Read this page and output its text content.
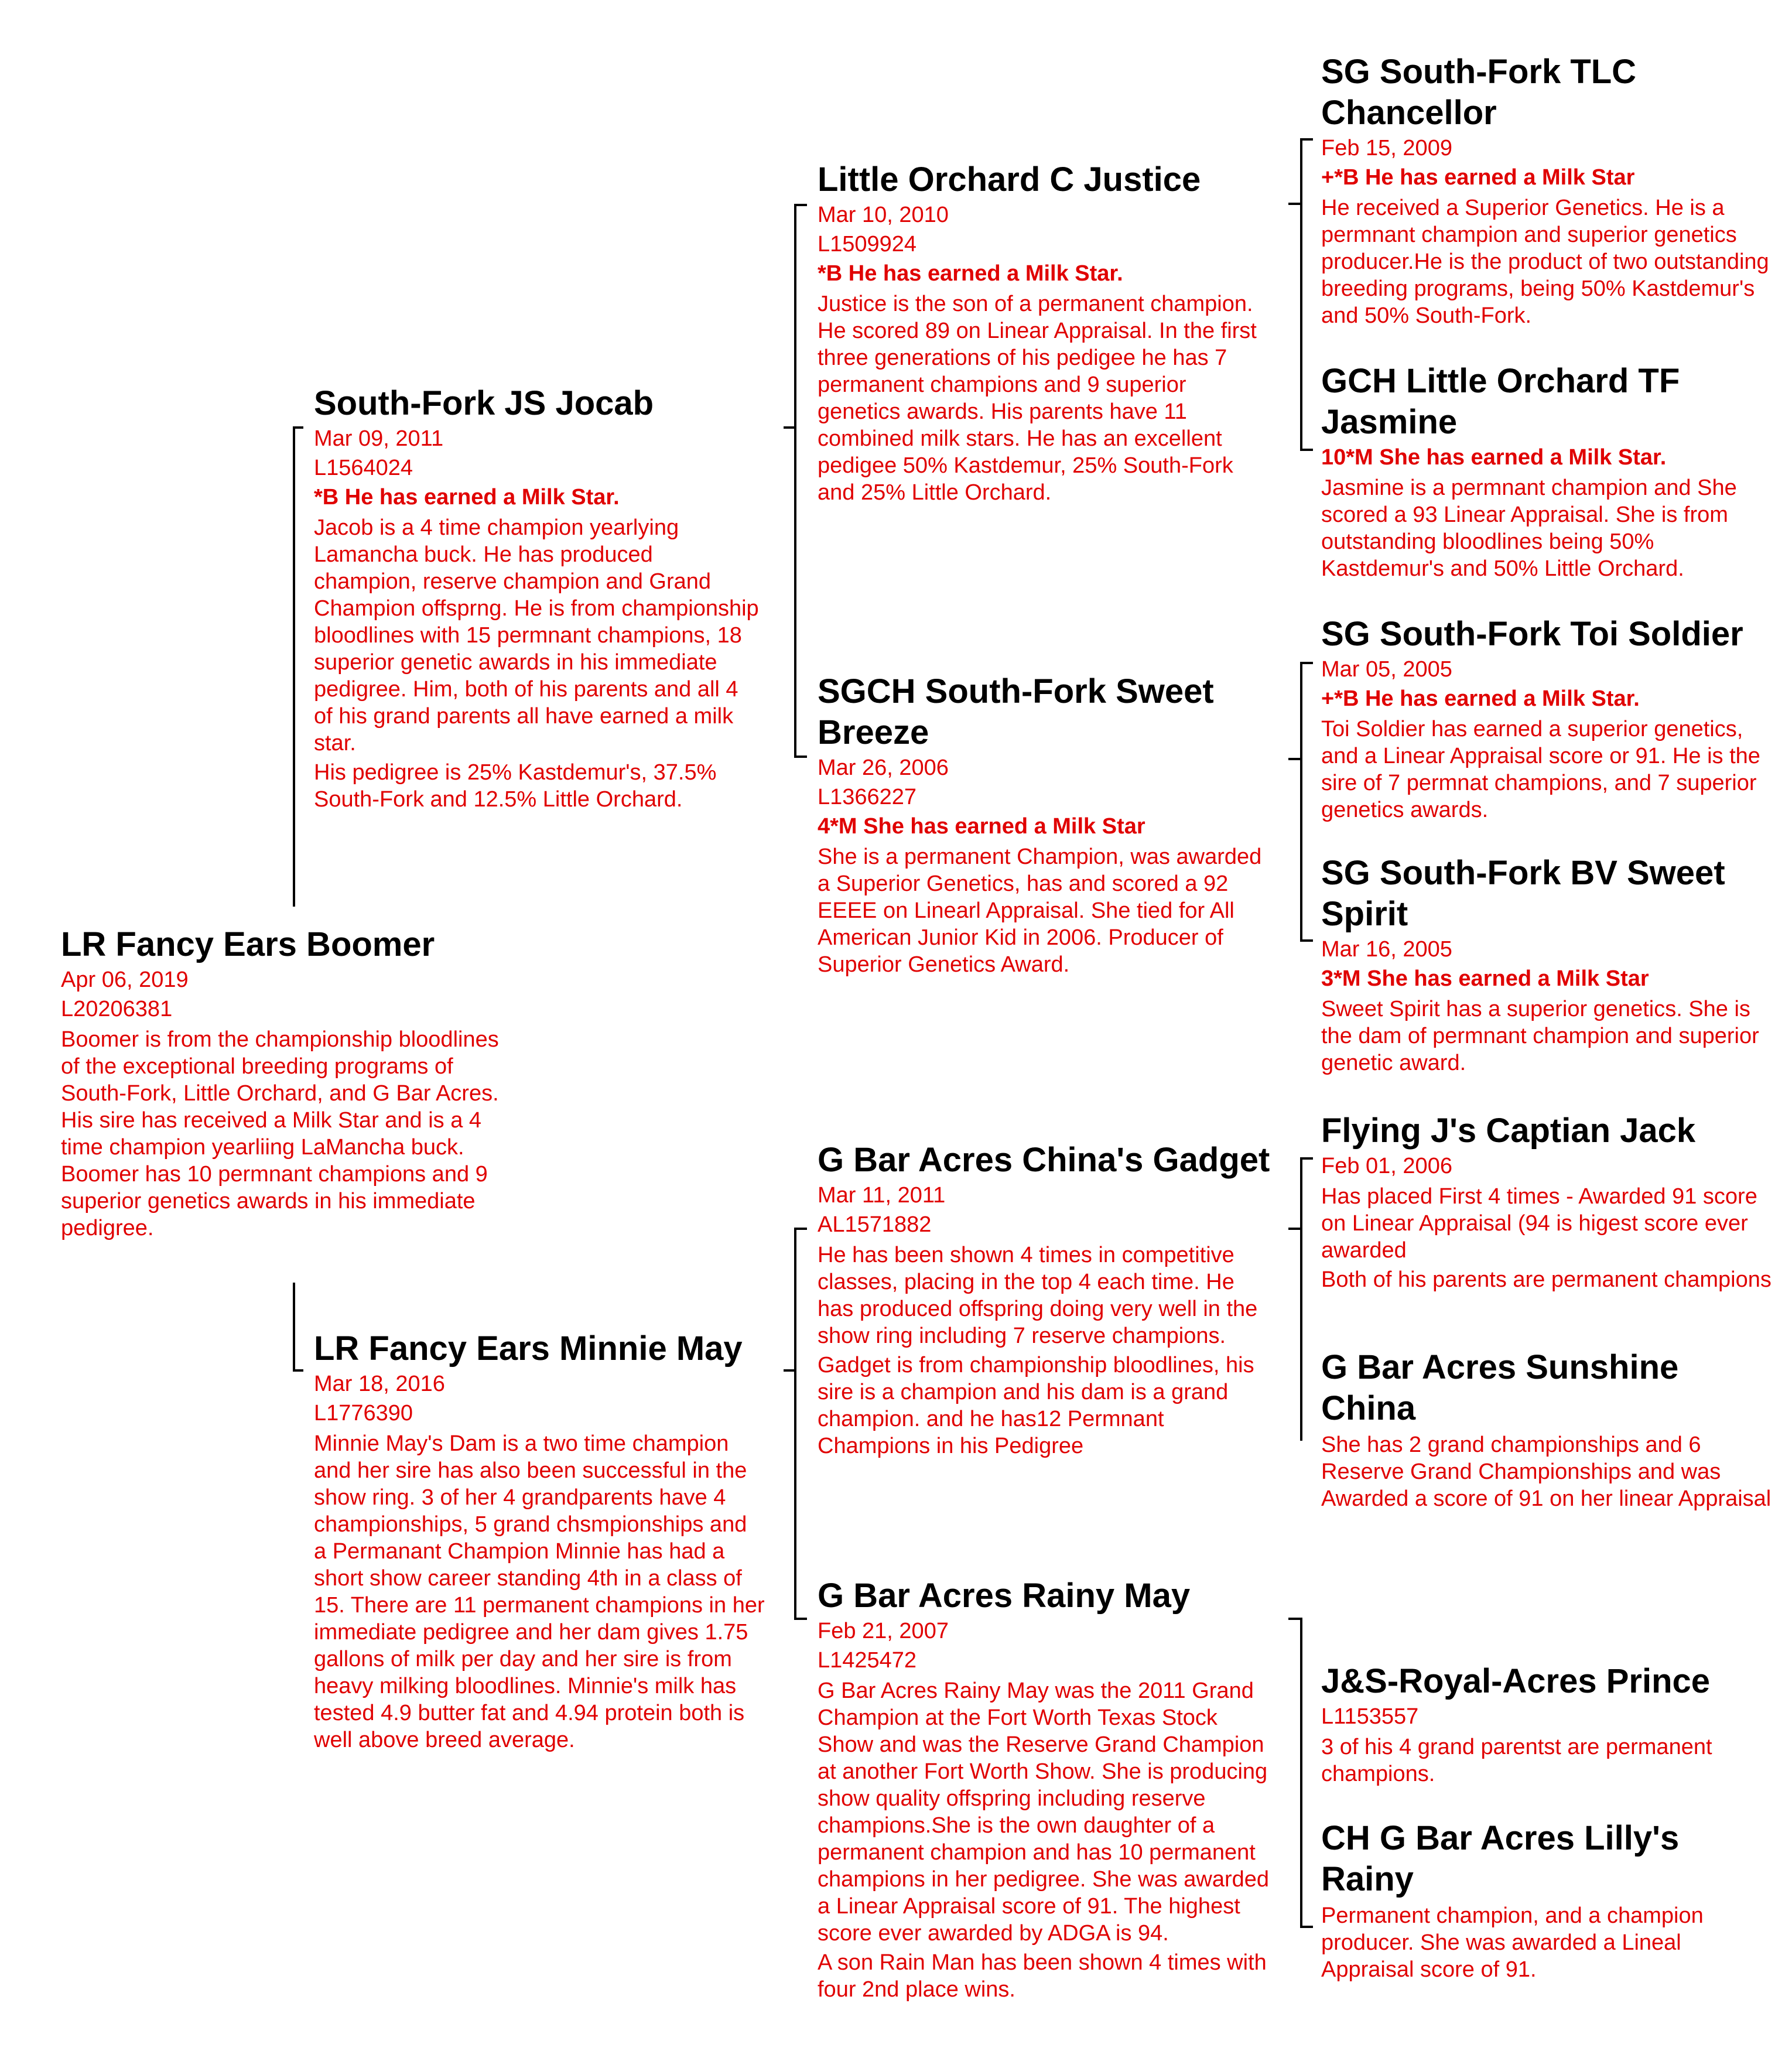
LR Fancy Ears Boomer
Apr 06, 2019
L20206381
Boomer is from the championship bloodlines of the exceptional breeding programs of South-Fork, Little Orchard, and G Bar Acres. His sire has received a Milk Star and is a 4 time champion yearliing LaMancha buck. Boomer has 10 permnant champions and 9 superior genetics awards in his immediate pedigree.
South-Fork JS Jocab
Mar 09, 2011
L1564024
*B He has earned a Milk Star.
Jacob is a 4 time champion yearlying Lamancha buck. He has produced champion, reserve champion and Grand Champion offsprng. He is from championship bloodlines with 15 permnant champions, 18 superior genetic awards in his immediate pedigree. Him, both of his parents and all 4 of his grand parents all have earned a milk star.
His pedigree is 25% Kastdemur's, 37.5% South-Fork and 12.5% Little Orchard.
LR Fancy Ears Minnie May
Mar 18, 2016
L1776390
Minnie May's Dam is a two time champion and her sire has also been successful in the show ring. 3 of her 4 grandparents have 4 championships, 5 grand chsmpionships and a Permanant Champion Minnie has had a short show career standing 4th in a class of 15. There are 11 permanent champions in her immediate pedigree and her dam gives 1.75 gallons of milk per day and her sire is from heavy milking bloodlines. Minnie's milk has tested 4.9 butter fat and 4.94 protein both is well above breed average.
Little Orchard C Justice
Mar 10, 2010
L1509924
*B He has earned a Milk Star.
Justice is the son of a permanent champion. He scored 89 on Linear Appraisal. In the first three generations of his pedigee he has 7 permanent champions and 9 superior genetics awards. His parents have 11 combined milk stars. He has an excellent pedigee 50% Kastdemur, 25% South-Fork and 25% Little Orchard.
SGCH South-Fork Sweet Breeze
Mar 26, 2006
L1366227
4*M She has earned a Milk Star
She is a permanent Champion, was awarded a Superior Genetics, has and scored a 92 EEEE on Linearl Appraisal. She tied for All American Junior Kid in 2006. Producer of Superior Genetics Award.
G Bar Acres China's Gadget
Mar 11, 2011
AL1571882
He has been shown 4 times in competitive classes, placing in the top 4 each time. He has produced offspring doing very well in the show ring including 7 reserve champions.
Gadget is from championship bloodlines, his sire is a champion and his dam is a grand champion. and he has12 Permnant Champions in his Pedigree
G Bar Acres Rainy May
Feb 21, 2007
L1425472
G Bar Acres Rainy May was the 2011 Grand Champion at the Fort Worth Texas Stock Show and was the Reserve Grand Champion at another Fort Worth Show. She is producing show quality offspring including reserve champions.She is the own daughter of a permanent champion and has 10 permanent champions in her pedigree. She was awarded a Linear Appraisal score of 91. The highest score ever awarded by ADGA is 94.
A son Rain Man has been shown 4 times with four 2nd place wins.
SG South-Fork TLC Chancellor
Feb 15, 2009
+*B He has earned a Milk Star
He received a Superior Genetics. He is a permnant champion and superior genetics producer.He is the product of two outstanding breeding programs, being 50% Kastdemur's and 50% South-Fork.
GCH Little Orchard TF Jasmine
10*M She has earned a Milk Star.
Jasmine is a permnant champion and She scored a 93 Linear Appraisal. She is from outstanding bloodlines being 50% Kastdemur's and 50% Little Orchard.
SG South-Fork Toi Soldier
Mar 05, 2005
+*B He has earned a Milk Star.
Toi Soldier has earned a superior genetics, and a Linear Appraisal score or 91. He is the sire of 7 permnat champions, and 7 superior genetics awards.
SG South-Fork BV Sweet Spirit
Mar 16, 2005
3*M She has earned a Milk Star
Sweet Spirit has a superior genetics. She is the dam of permnant champion and superior genetic award.
Flying J's Captian Jack
Feb 01, 2006
Has placed First 4 times - Awarded 91 score on Linear Appraisal (94 is higest score ever awarded
Both of his parents are permanent champions
G Bar Acres Sunshine China
She has 2 grand championships and 6 Reserve Grand Championships and was Awarded a score of 91 on her linear Appraisal
J&S-Royal-Acres Prince
L1153557
3 of his 4 grand parentst are permanent champions.
CH G Bar Acres Lilly's Rainy
Permanent champion, and a champion producer. She was awarded a Lineal Appraisal score of 91.
